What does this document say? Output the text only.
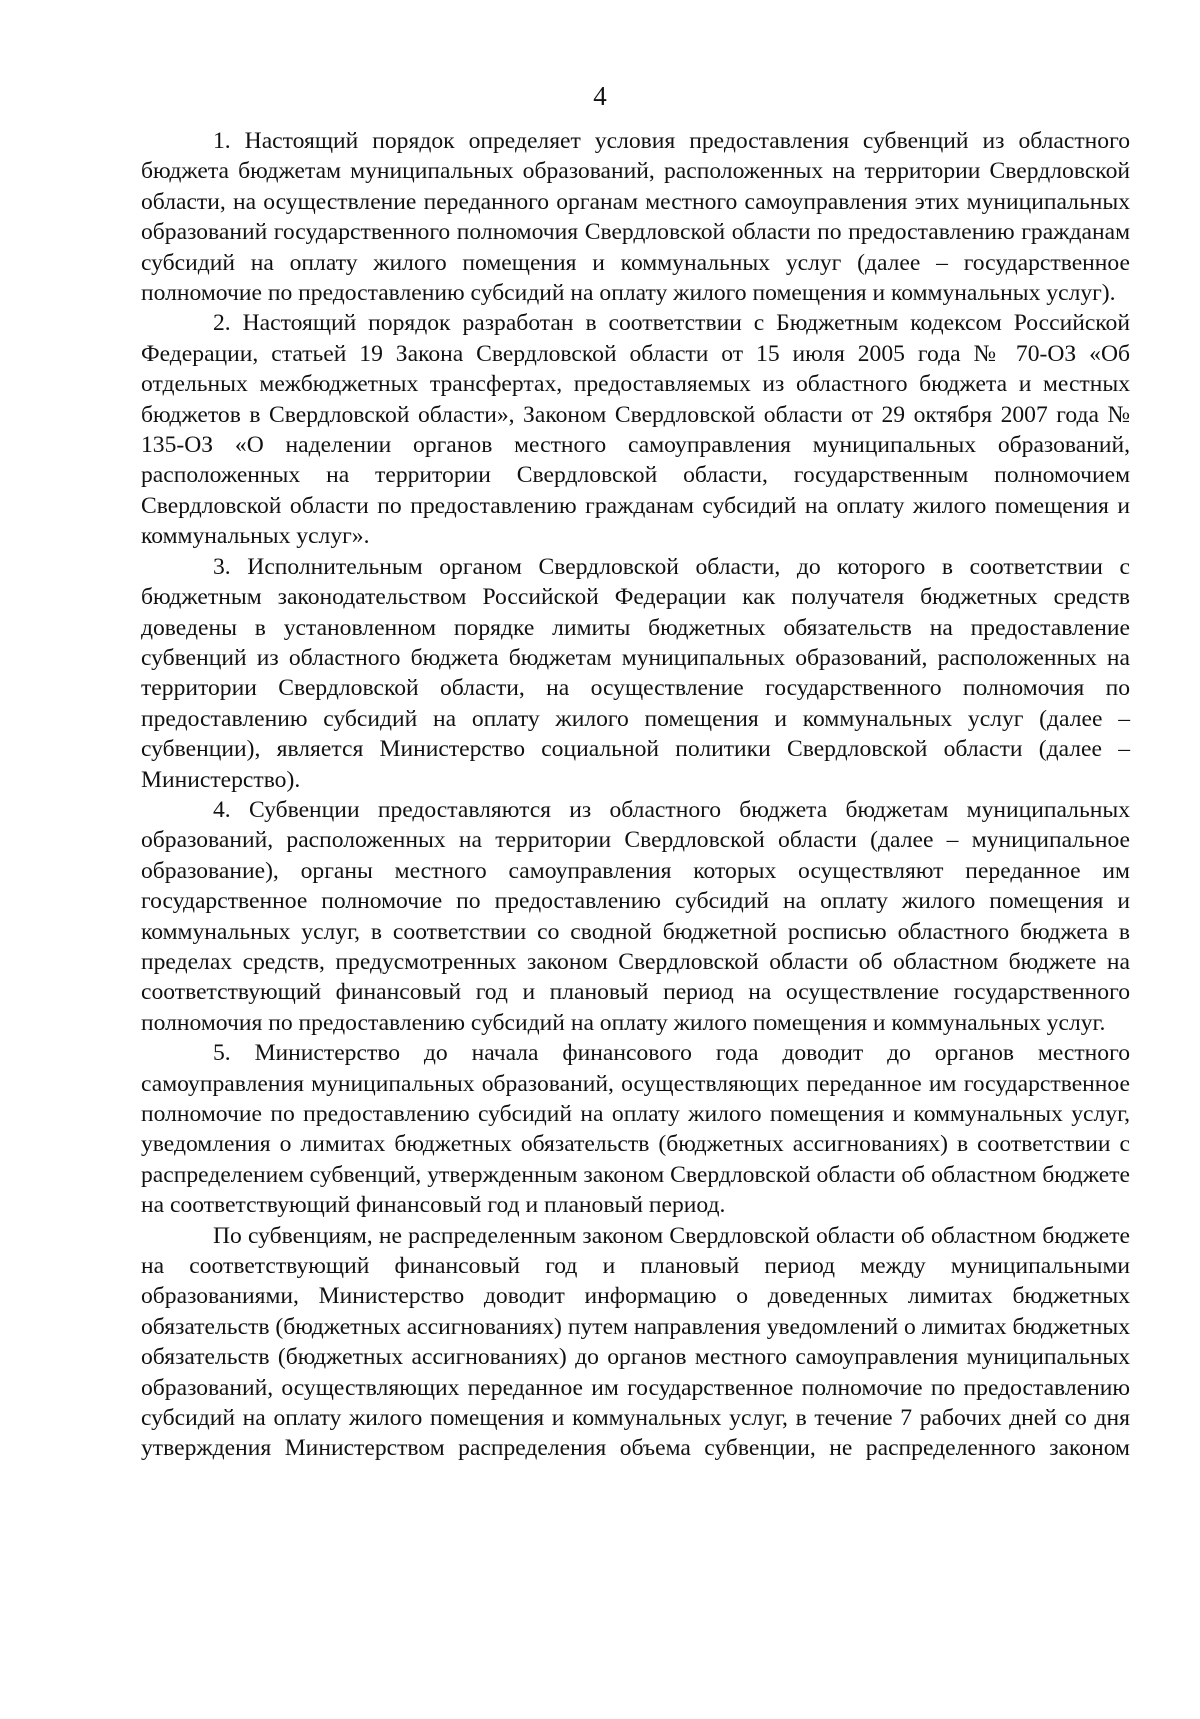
4

1. Настоящий порядок определяет условия предоставления субвенций из областного бюджета бюджетам муниципальных образований, расположенных на территории Свердловской области, на осуществление переданного органам местного самоуправления этих муниципальных образований государственного полномочия Свердловской области по предоставлению гражданам субсидий на оплату жилого помещения и коммунальных услуг (далее – государственное полномочие по предоставлению субсидий на оплату жилого помещения и коммунальных услуг).

2. Настоящий порядок разработан в соответствии с Бюджетным кодексом Российской Федерации, статьей 19 Закона Свердловской области от 15 июля 2005 года № 70-ОЗ «Об отдельных межбюджетных трансфертах, предоставляемых из областного бюджета и местных бюджетов в Свердловской области», Законом Свердловской области от 29 октября 2007 года № 135-ОЗ «О наделении органов местного самоуправления муниципальных образований, расположенных на территории Свердловской области, государственным полномочием Свердловской области по предоставлению гражданам субсидий на оплату жилого помещения и коммунальных услуг».

3. Исполнительным органом Свердловской области, до которого в соответствии с бюджетным законодательством Российской Федерации как получателя бюджетных средств доведены в установленном порядке лимиты бюджетных обязательств на предоставление субвенций из областного бюджета бюджетам муниципальных образований, расположенных на территории Свердловской области, на осуществление государственного полномочия по предоставлению субсидий на оплату жилого помещения и коммунальных услуг (далее – субвенции), является Министерство социальной политики Свердловской области (далее – Министерство).

4. Субвенции предоставляются из областного бюджета бюджетам муниципальных образований, расположенных на территории Свердловской области (далее – муниципальное образование), органы местного самоуправления которых осуществляют переданное им государственное полномочие по предоставлению субсидий на оплату жилого помещения и коммунальных услуг, в соответствии со сводной бюджетной росписью областного бюджета в пределах средств, предусмотренных законом Свердловской области об областном бюджете на соответствующий финансовый год и плановый период на осуществление государственного полномочия по предоставлению субсидий на оплату жилого помещения и коммунальных услуг.

5. Министерство до начала финансового года доводит до органов местного самоуправления муниципальных образований, осуществляющих переданное им государственное полномочие по предоставлению субсидий на оплату жилого помещения и коммунальных услуг, уведомления о лимитах бюджетных обязательств (бюджетных ассигнованиях) в соответствии с распределением субвенций, утвержденным законом Свердловской области об областном бюджете на соответствующий финансовый год и плановый период.

По субвенциям, не распределенным законом Свердловской области об областном бюджете на соответствующий финансовый год и плановый период между муниципальными образованиями, Министерство доводит информацию о доведенных лимитах бюджетных обязательств (бюджетных ассигнованиях) путем направления уведомлений о лимитах бюджетных обязательств (бюджетных ассигнованиях) до органов местного самоуправления муниципальных образований, осуществляющих переданное им государственное полномочие по предоставлению субсидий на оплату жилого помещения и коммунальных услуг, в течение 7 рабочих дней со дня утверждения Министерством распределения объема субвенции, не распределенного законом
